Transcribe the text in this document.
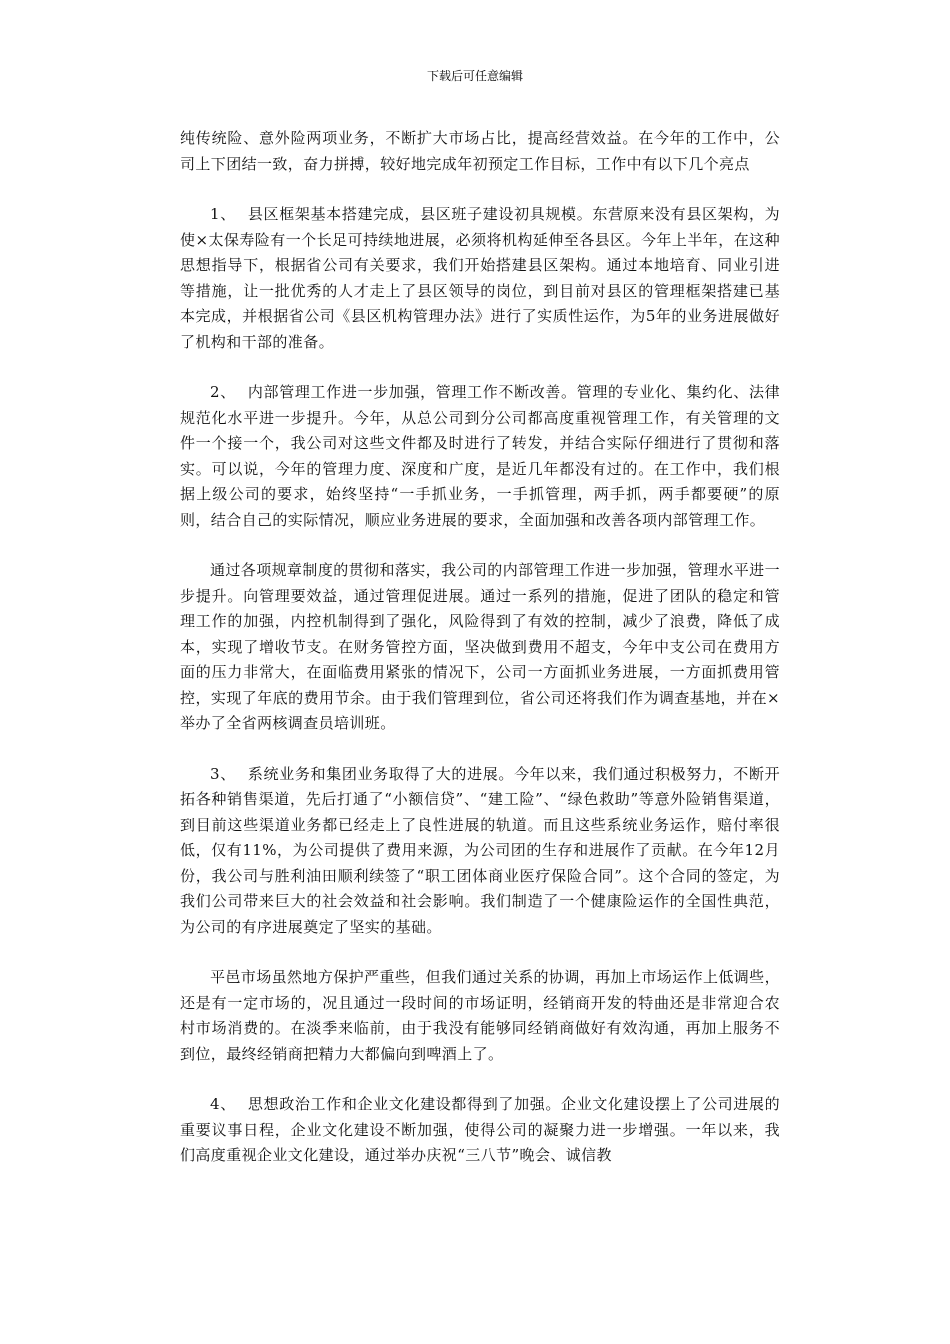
下载后可任意编辑

纯传统险、意外险两项业务，不断扩大市场占比，提高经营效益。在今年的工作中，公司上下团结一致，奋力拼搏，较好地完成年初预定工作目标，工作中有以下几个亮点

1、 县区框架基本搭建完成，县区班子建设初具规模。东营原来没有县区架构，为使×太保寿险有一个长足可持续地进展，必须将机构延伸至各县区。今年上半年，在这种思想指导下，根据省公司有关要求，我们开始搭建县区架构。通过本地培育、同业引进等措施，让一批优秀的人才走上了县区领导的岗位，到目前对县区的管理框架搭建已基本完成，并根据省公司《县区机构管理办法》进行了实质性运作，为5年的业务进展做好了机构和干部的准备。

2、 内部管理工作进一步加强，管理工作不断改善。管理的专业化、集约化、法律规范化水平进一步提升。今年，从总公司到分公司都高度重视管理工作，有关管理的文件一个接一个，我公司对这些文件都及时进行了转发，并结合实际仔细进行了贯彻和落实。可以说，今年的管理力度、深度和广度，是近几年都没有过的。在工作中，我们根据上级公司的要求，始终坚持“一手抓业务，一手抓管理，两手抓，两手都要硬”的原则，结合自己的实际情况，顺应业务进展的要求，全面加强和改善各项内部管理工作。

通过各项规章制度的贯彻和落实，我公司的内部管理工作进一步加强，管理水平进一步提升。向管理要效益，通过管理促进展。通过一系列的措施，促进了团队的稳定和管理工作的加强，内控机制得到了强化，风险得到了有效的控制，减少了浪费，降低了成本，实现了增收节支。在财务管控方面，坚决做到费用不超支，今年中支公司在费用方面的压力非常大，在面临费用紧张的情况下，公司一方面抓业务进展，一方面抓费用管控，实现了年底的费用节余。由于我们管理到位，省公司还将我们作为调查基地，并在×举办了全省两核调查员培训班。

3、 系统业务和集团业务取得了大的进展。今年以来，我们通过积极努力，不断开拓各种销售渠道，先后打通了“小额信贷”、“建工险”、“绿色救助”等意外险销售渠道，到目前这些渠道业务都已经走上了良性进展的轨道。而且这些系统业务运作，赔付率很低，仅有11%，为公司提供了费用来源，为公司团的生存和进展作了贡献。在今年12月份，我公司与胜利油田顺利续签了“职工团体商业医疗保险合同”。这个合同的签定，为我们公司带来巨大的社会效益和社会影响。我们制造了一个健康险运作的全国性典范，为公司的有序进展奠定了坚实的基础。

平邑市场虽然地方保护严重些，但我们通过关系的协调，再加上市场运作上低调些，还是有一定市场的，况且通过一段时间的市场证明，经销商开发的特曲还是非常迎合农村市场消费的。在淡季来临前，由于我没有能够同经销商做好有效沟通，再加上服务不到位，最终经销商把精力大都偏向到啤酒上了。

4、 思想政治工作和企业文化建设都得到了加强。企业文化建设摆上了公司进展的重要议事日程，企业文化建设不断加强，使得公司的凝聚力进一步增强。一年以来，我们高度重视企业文化建设，通过举办庆祝“三八节”晚会、诚信教
